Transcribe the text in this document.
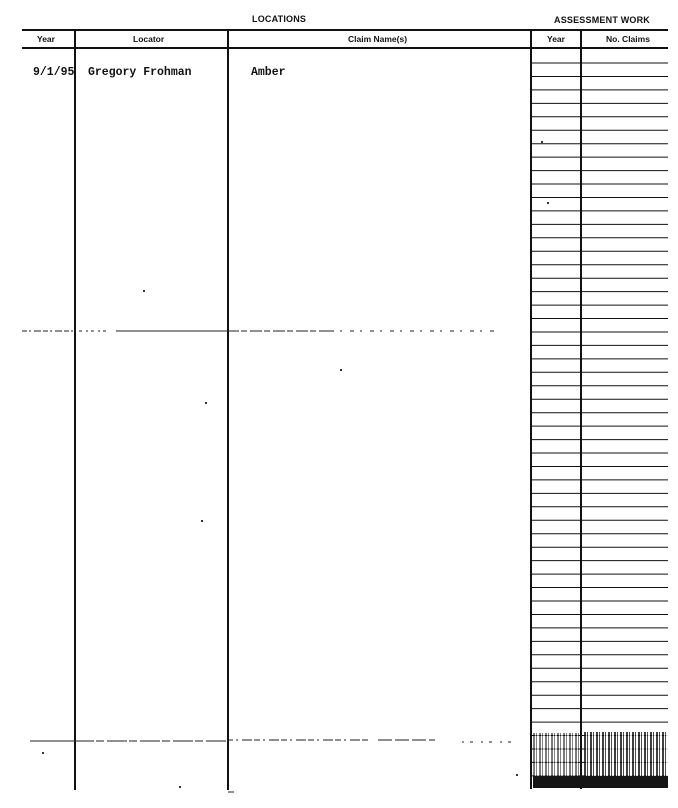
LOCATIONS	ASSESSMENT WORK
Year	Locator	Claim Name(s)	Year	No. Claims
9/1/95 Gregory Frohman	Amber
